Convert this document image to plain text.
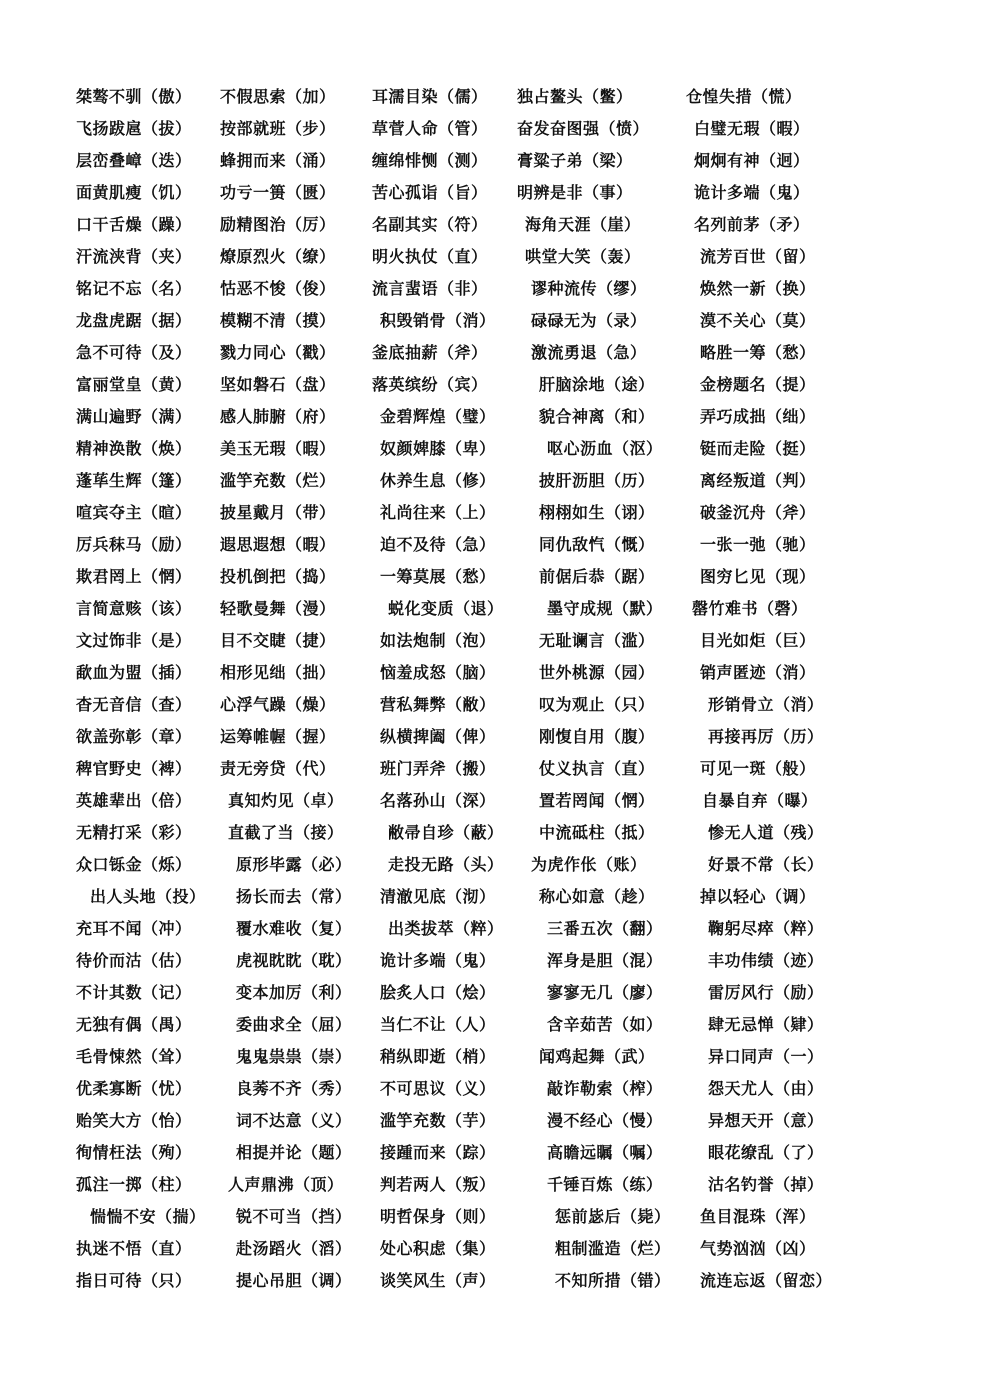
桀骜不驯（傲） 不假思索（加） 耳濡目染（儒） 独占鳌头（鳖）	仓惶失措（慌）
飞扬跋扈（拔） 按部就班（步） 草菅人命（管） 奋发奋图强（愤）	白璧无瑕（暇）
层峦叠嶂（迭） 蜂拥而来（涌） 缠绵悱恻（测） 膏粱子弟（梁）	炯炯有神（迥）
面黄肌瘦（饥） 功亏一篑（匮） 苦心孤诣（旨） 明辨是非（事）	诡计多端（鬼）
口干舌燥（躁） 励精图治（厉） 名副其实（符） 海角天涯（崖）	名列前茅（矛）
汗流浃背（夹） 燎原烈火（缭） 明火执仗（直） 哄堂大笑（轰）	流芳百世（留）
铭记不忘（名） 怙恶不悛（俊） 流言蜚语（非）	谬种流传（缪）	焕然一新（换）
龙盘虎踞（据） 模糊不清（摸）	积毁销骨（消） 碌碌无为（录）	漠不关心（莫）
急不可待（及） 戮力同心（戳） 釜底抽薪（斧）	激流勇退（急）	略胜一筹（愁）
富丽堂皇（黄） 坚如磐石（盘） 落英缤纷（宾）	肝脑涂地（途）	金榜题名（提）
满山遍野（满） 感人肺腑（府）	金碧辉煌（璧）	貌合神离（和）	弄巧成拙（绌）
精神涣散（焕） 美玉无瑕（暇）	奴颜婢膝（卑）	呕心沥血（沤） 铤而走险（挺）
蓬荜生辉（篷） 滥竽充数（烂）	休养生息（修）	披肝沥胆（历）	离经叛道（判）
喧宾夺主（暄） 披星戴月（带）	礼尚往来（上）	栩栩如生（诩）	破釜沉舟（斧）
厉兵秣马（励） 遐思遐想（暇）	迫不及待（急）	同仇敌忾（慨）	一张一弛（驰）
欺君罔上（惘） 投机倒把（捣）	一筹莫展（愁）	前倨后恭（踞）	图穷匕见（现）
言简意赅（该） 轻歌曼舞（漫）	蜕化变质（退）	墨守成规（默） 罄竹难书（磬）
文过饰非（是） 目不交睫（捷）	如法炮制（泡）	无耻谰言（滥）	目光如炬（巨）
歃血为盟（插） 相形见绌（拙）	恼羞成怒（脑）	世外桃源（园）	销声匿迹（消）
杳无音信（查） 心浮气躁（燥）	营私舞弊（敝）	叹为观止（只）	形销骨立（消）
欲盖弥彰（章） 运筹帷幄（握）	纵横捭阖（俾）	刚愎自用（腹）	再接再厉（历）
稗官野史（裨） 责无旁贷（代）	班门弄斧（搬）	仗义执言（直）	可见一斑（般）
英雄辈出（倍） 真知灼见（卓） 名落孙山（深）	置若罔闻（惘）	自暴自弃（曝）
无精打采（彩） 直截了当（接）	敝帚自珍（蔽） 中流砥柱（抵）	惨无人道（残）
众口铄金（烁）	原形毕露（必） 走投无路（头） 为虎作伥（账）	好景不常（长）
出人头地（投） 扬长而去（常） 清澈见底（沏）	称心如意（趁）	掉以轻心（调）
充耳不闻（冲）	覆水难收（复） 出类拔萃（粹）	三番五次（翻）	鞠躬尽瘁（粹）
待价而沽（估）	虎视眈眈（耽） 诡计多端（鬼）	浑身是胆（混）	丰功伟绩（迹）
不计其数（记）	变本加厉（利） 脍炙人口（烩）	寥寥无几（廖）	雷厉风行（励）
无独有偶（禺）	委曲求全（屈） 当仁不让（人）	含辛茹苦（如）	肆无忌惮（肄）
毛骨悚然（耸）	鬼鬼祟祟（崇） 稍纵即逝（梢）	闻鸡起舞（武）	异口同声（一）
优柔寡断（忧）	良莠不齐（秀） 不可思议（义）	敲诈勒索（榨）	怨天尤人（由）
贻笑大方（怡）	词不达意（义） 滥竽充数（芋）	漫不经心（慢）	异想天开（意）
徇情枉法（殉）	相提并论（题） 接踵而来（踪）	高瞻远瞩（嘱）	眼花缭乱（了）
孤注一掷（柱） 人声鼎沸（顶） 判若两人（叛）	千锤百炼（练）	沽名钓誉（掉）
惴惴不安（揣） 锐不可当（挡） 明哲保身（则）	惩前毖后（毙） 鱼目混珠（浑）
执迷不悟（直）	赴汤蹈火（滔） 处心积虑（集）	粗制滥造（烂） 气势汹汹（凶）
指日可待（只）	提心吊胆（调） 谈笑风生（声）	不知所措（错） 流连忘返（留恋）
